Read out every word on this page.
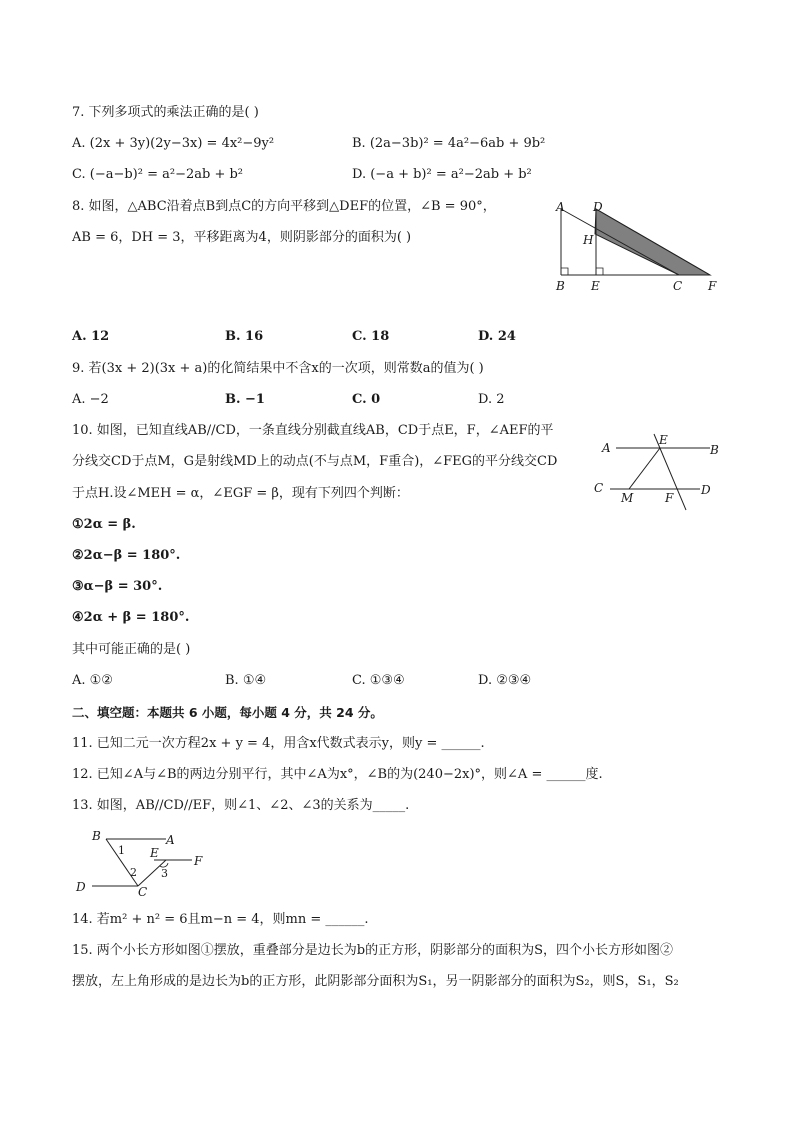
7. 下列多项式的乘法正确的是( )
A. (2x + 3y)(2y−3x) = 4x²−9y²	B. (2a−3b)² = 4a²−6ab + 9b²
C. (−a−b)² = a²−2ab + b²	D. (−a + b)² = a²−2ab + b²
8. 如图，△ABC沿着点B到点C的方向平移到△DEF的位置，∠B = 90°，
AB = 6，DH = 3，平移距离为4，则阴影部分的面积为( )
A D
H
B E	C F
A. 12	B. 16	C. 18	D. 24
9. 若(3x + 2)(3x + a)的化简结果中不含x的一次项，则常数a的值为( )
A. −2	B. −1	C. 0	D. 2
10. 如图，已知直线AB//CD，一条直线分别截直线AB，CD于点E，F，∠AEF的平
分线交CD于点M，G是射线MD上的动点(不与点M，F重合)，∠FEG的平分线交CD
于点H.设∠MEH = α，∠EGF = β，现有下列四个判断：
①2α = β.
②2α−β = 180°.
③α−β = 30°.
④2α + β = 180°.
其中可能正确的是( )
A
E
B
C
M	F
D
A. ①②	B. ①④	C. ①③④	D. ②③④
二、填空题：本题共 6 小题，每小题 4 分，共 24 分。
11. 已知二元一次方程2x + y = 4，用含x代数式表示y，则y = ______.
12. 已知∠A与∠B的两边分别平行，其中∠A为x°，∠B的为(240−2x)°，则∠A = ______度.
13. 如图，AB//CD//EF，则∠1、∠2、∠3的关系为_____.
B	A
1 E
F
2 3
D	C
14. 若m² + n² = 6且m−n = 4，则mn = ______.
15. 两个小长方形如图①摆放，重叠部分是边长为b的正方形，阴影部分的面积为S，四个小长方形如图②
摆放，左上角形成的是边长为b的正方形，此阴影部分面积为S₁，另一阴影部分的面积为S₂，则S，S₁，S₂
